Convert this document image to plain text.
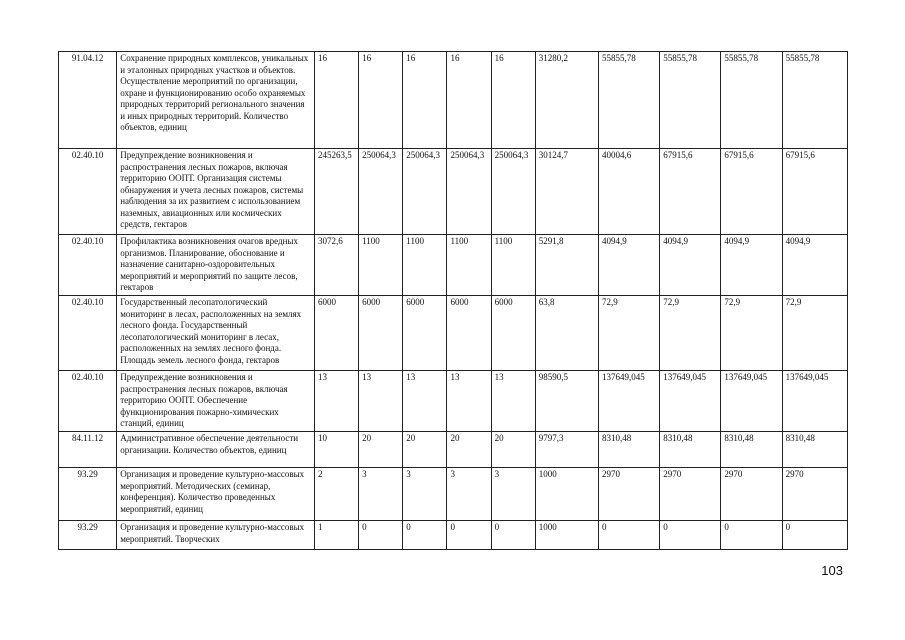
91.04.12	Сохранение природных комплексов, уникальных и эталонных природных участков и объектов. Осуществление мероприятий по организации, охране и функционированию особо охраняемых природных территорий регионального значения и иных природных территорий. Количество объектов, единиц	16	16	16	16	16	31280,2	55855,78	55855,78	55855,78	55855,78
02.40.10	Предупреждение возникновения и распространения лесных пожаров, включая территорию ООПТ. Организация системы обнаружения и учета лесных пожаров, системы наблюдения за их развитием с использованием наземных, авиационных или космических средств, гектаров	245263,5	250064,3	250064,3	250064,3	250064,3	30124,7	40004,6	67915,6	67915,6	67915,6
02.40.10	Профилактика возникновения очагов вредных организмов. Планирование, обоснование и назначение санитарно-оздоровительных мероприятий и мероприятий по защите лесов, гектаров	3072,6	1100	1100	1100	1100	5291,8	4094,9	4094,9	4094,9	4094,9
02.40.10	Государственный лесопатологический мониторинг в лесах, расположенных на землях лесного фонда. Государственный лесопатологический мониторинг в лесах, расположенных на землях лесного фонда. Площадь земель лесного фонда, гектаров	6000	6000	6000	6000	6000	63,8	72,9	72,9	72,9	72,9
02.40.10	Предупреждение возникновения и распространения лесных пожаров, включая территорию ООПТ. Обеспечение функционирования пожарно-химических станций, единиц	13	13	13	13	13	98590,5	137649,045	137649,045	137649,045	137649,045
84.11.12	Административное обеспечение деятельности организации. Количество объектов, единиц	10	20	20	20	20	9797,3	8310,48	8310,48	8310,48	8310,48
93.29	Организация и проведение культурно-массовых мероприятий. Методических (семинар, конференция). Количество проведенных мероприятий, единиц	2	3	3	3	3	1000	2970	2970	2970	2970
93.29	Организация и проведение культурно-массовых мероприятий. Творческих	1	0	0	0	0	1000	0	0	0	0
103
